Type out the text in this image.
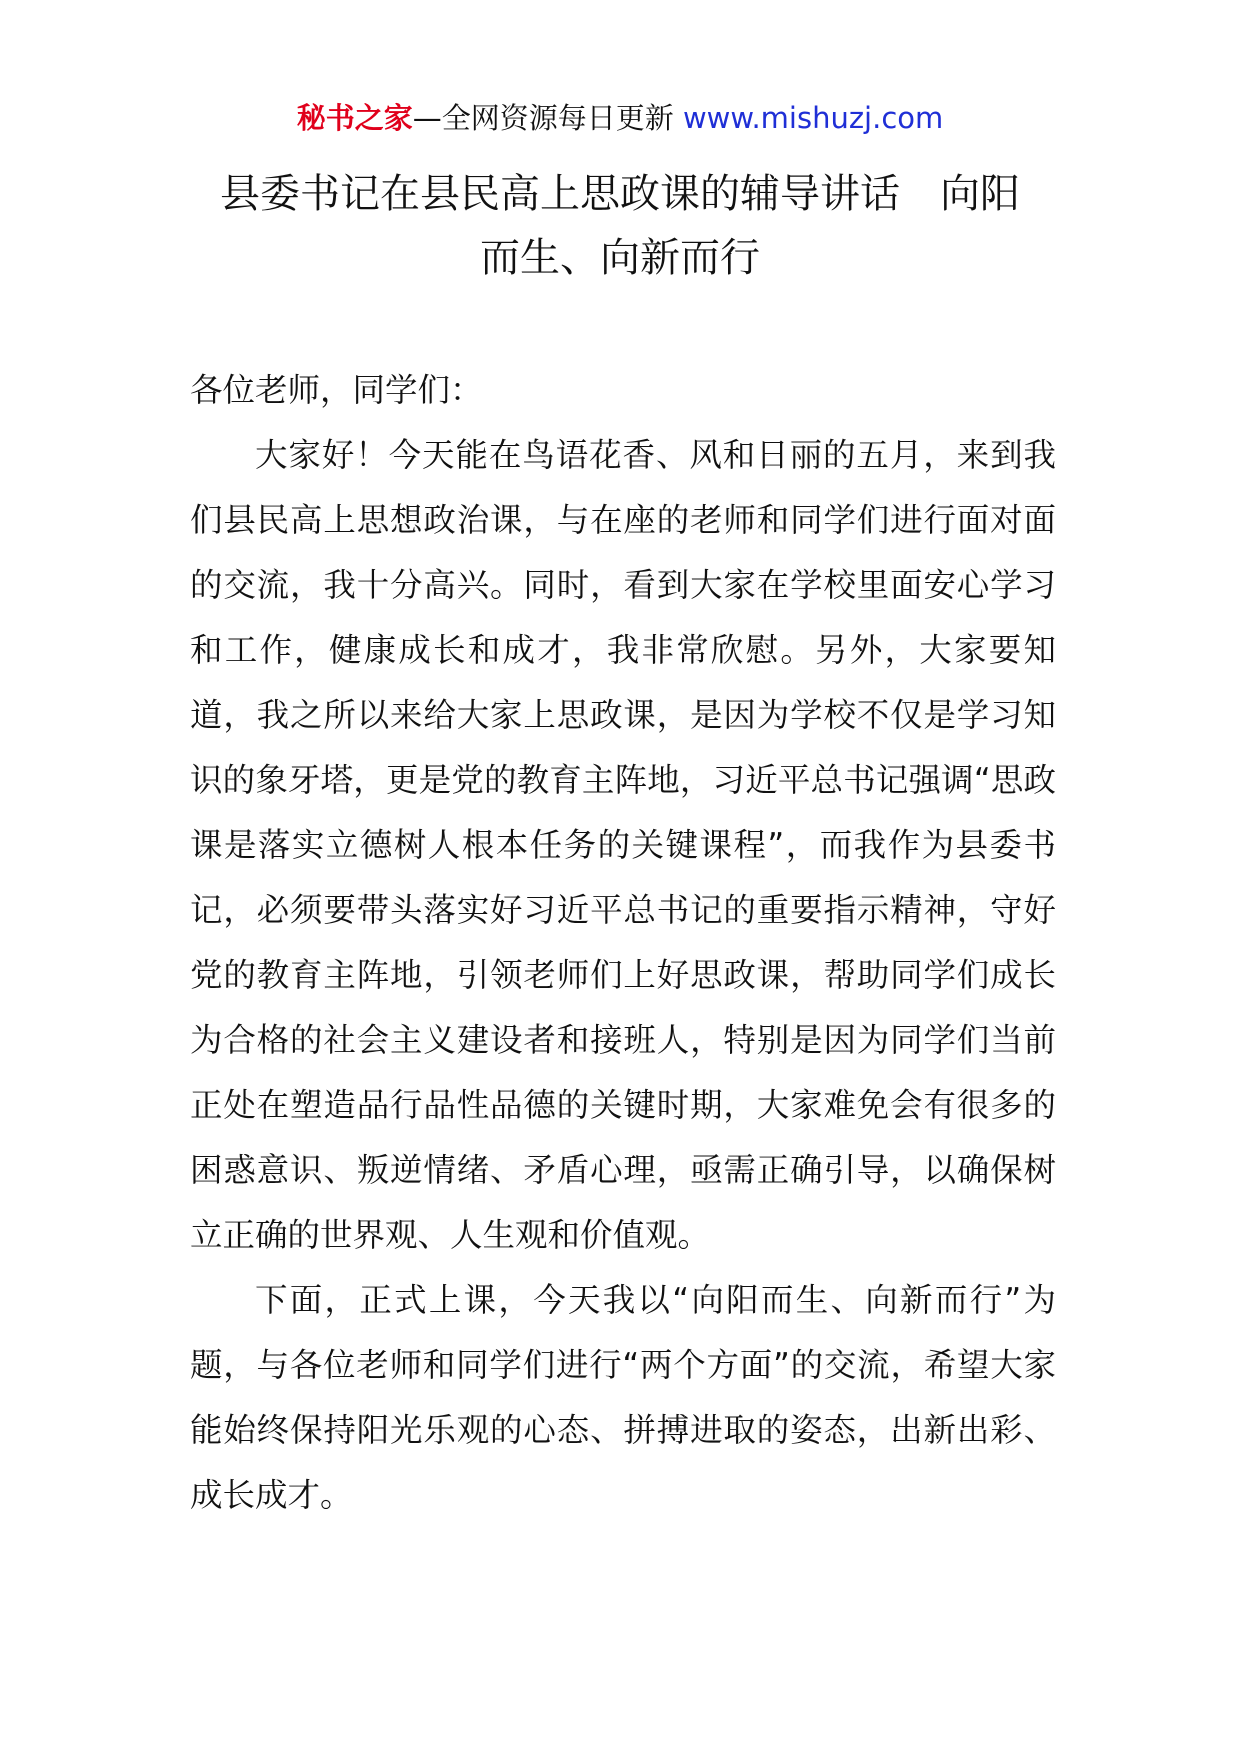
秘书之家—全网资源每日更新 www.mishuzj.com
县委书记在县民高上思政课的辅导讲话　向阳
而生、向新而行

各位老师，同学们：

大家好！今天能在鸟语花香、风和日丽的五月，来到我们县民高上思想政治课，与在座的老师和同学们进行面对面的交流，我十分高兴。同时，看到大家在学校里面安心学习和工作，健康成长和成才，我非常欣慰。另外，大家要知道，我之所以来给大家上思政课，是因为学校不仅是学习知识的象牙塔，更是党的教育主阵地，习近平总书记强调“思政课是落实立德树人根本任务的关键课程”，而我作为县委书记，必须要带头落实好习近平总书记的重要指示精神，守好党的教育主阵地，引领老师们上好思政课，帮助同学们成长为合格的社会主义建设者和接班人，特别是因为同学们当前正处在塑造品行品性品德的关键时期，大家难免会有很多的困惑意识、叛逆情绪、矛盾心理，亟需正确引导，以确保树立正确的世界观、人生观和价值观。

下面，正式上课，今天我以“向阳而生、向新而行”为题，与各位老师和同学们进行“两个方面”的交流，希望大家能始终保持阳光乐观的心态、拼搏进取的姿态，出新出彩、成长成才。
